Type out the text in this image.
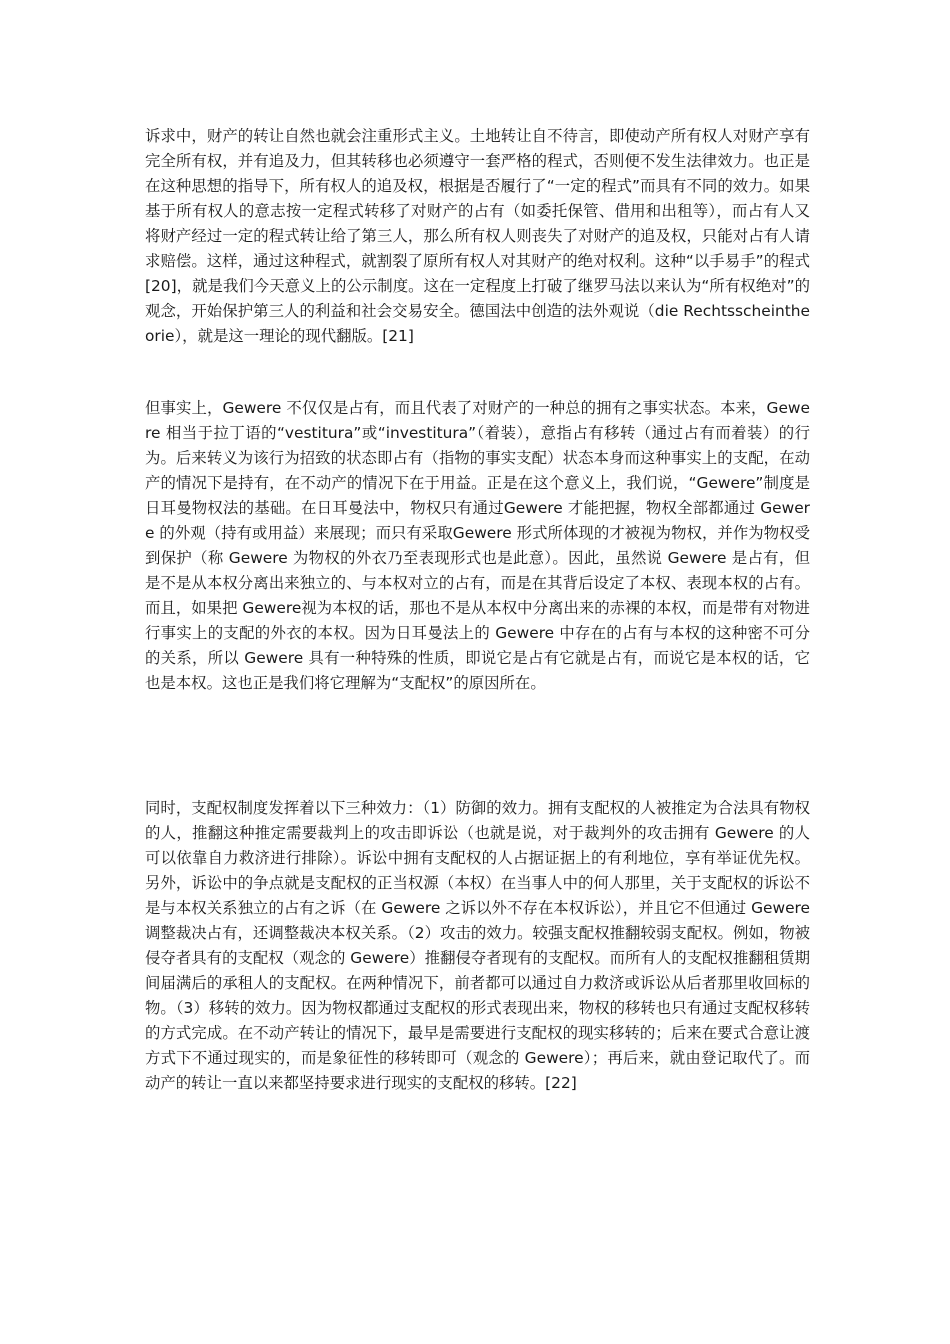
诉求中，财产的转让自然也就会注重形式主义。土地转让自不待言，即使动产所有权人对财产享有完全所有权，并有追及力，但其转移也必须遵守一套严格的程式，否则便不发生法律效力。也正是在这种思想的指导下，所有权人的追及权，根据是否履行了“一定的程式”而具有不同的效力。如果基于所有权人的意志按一定程式转移了对财产的占有（如委托保管、借用和出租等），而占有人又将财产经过一定的程式转让给了第三人，那么所有权人则丧失了对财产的追及权，只能对占有人请求赔偿。这样，通过这种程式，就割裂了原所有权人对其财产的绝对权利。这种“以手易手”的程式[20]，就是我们今天意义上的公示制度。这在一定程度上打破了继罗马法以来认为“所有权绝对”的观念，开始保护第三人的利益和社会交易安全。德国法中创造的法外观说（die Rechtsscheintheorie），就是这一理论的现代翻版。[21]

但事实上，Gewere 不仅仅是占有，而且代表了对财产的一种总的拥有之事实状态。本来，Gewere 相当于拉丁语的“vestitura”或“investitura”（着装），意指占有移转（通过占有而着装）的行为。后来转义为该行为招致的状态即占有（指物的事实支配）状态本身而这种事实上的支配，在动产的情况下是持有，在不动产的情况下在于用益。正是在这个意义上，我们说，“Gewere”制度是日耳曼物权法的基础。在日耳曼法中，物权只有通过Gewere 才能把握，物权全部都通过 Gewere 的外观（持有或用益）来展现；而只有采取Gewere 形式所体现的才被视为物权，并作为物权受到保护（称 Gewere 为物权的外衣乃至表现形式也是此意）。因此，虽然说 Gewere 是占有，但是不是从本权分离出来独立的、与本权对立的占有，而是在其背后设定了本权、表现本权的占有。而且，如果把 Gewere视为本权的话，那也不是从本权中分离出来的赤裸的本权，而是带有对物进行事实上的支配的外衣的本权。因为日耳曼法上的 Gewere 中存在的占有与本权的这种密不可分的关系，所以 Gewere 具有一种特殊的性质，即说它是占有它就是占有，而说它是本权的话，它也是本权。这也正是我们将它理解为“支配权”的原因所在。

同时，支配权制度发挥着以下三种效力：（1）防御的效力。拥有支配权的人被推定为合法具有物权的人，推翻这种推定需要裁判上的攻击即诉讼（也就是说，对于裁判外的攻击拥有 Gewere 的人可以依靠自力救济进行排除）。诉讼中拥有支配权的人占据证据上的有利地位，享有举证优先权。另外，诉讼中的争点就是支配权的正当权源（本权）在当事人中的何人那里，关于支配权的诉讼不是与本权关系独立的占有之诉（在 Gewere 之诉以外不存在本权诉讼），并且它不但通过 Gewere 调整裁决占有，还调整裁决本权关系。（2）攻击的效力。较强支配权推翻较弱支配权。例如，物被侵夺者具有的支配权（观念的 Gewere）推翻侵夺者现有的支配权。而所有人的支配权推翻租赁期间届满后的承租人的支配权。在两种情况下，前者都可以通过自力救济或诉讼从后者那里收回标的物。（3）移转的效力。因为物权都通过支配权的形式表现出来，物权的移转也只有通过支配权移转的方式完成。在不动产转让的情况下，最早是需要进行支配权的现实移转的；后来在要式合意让渡方式下不通过现实的，而是象征性的移转即可（观念的 Gewere）；再后来，就由登记取代了。而动产的转让一直以来都坚持要求进行现实的支配权的移转。[22]
